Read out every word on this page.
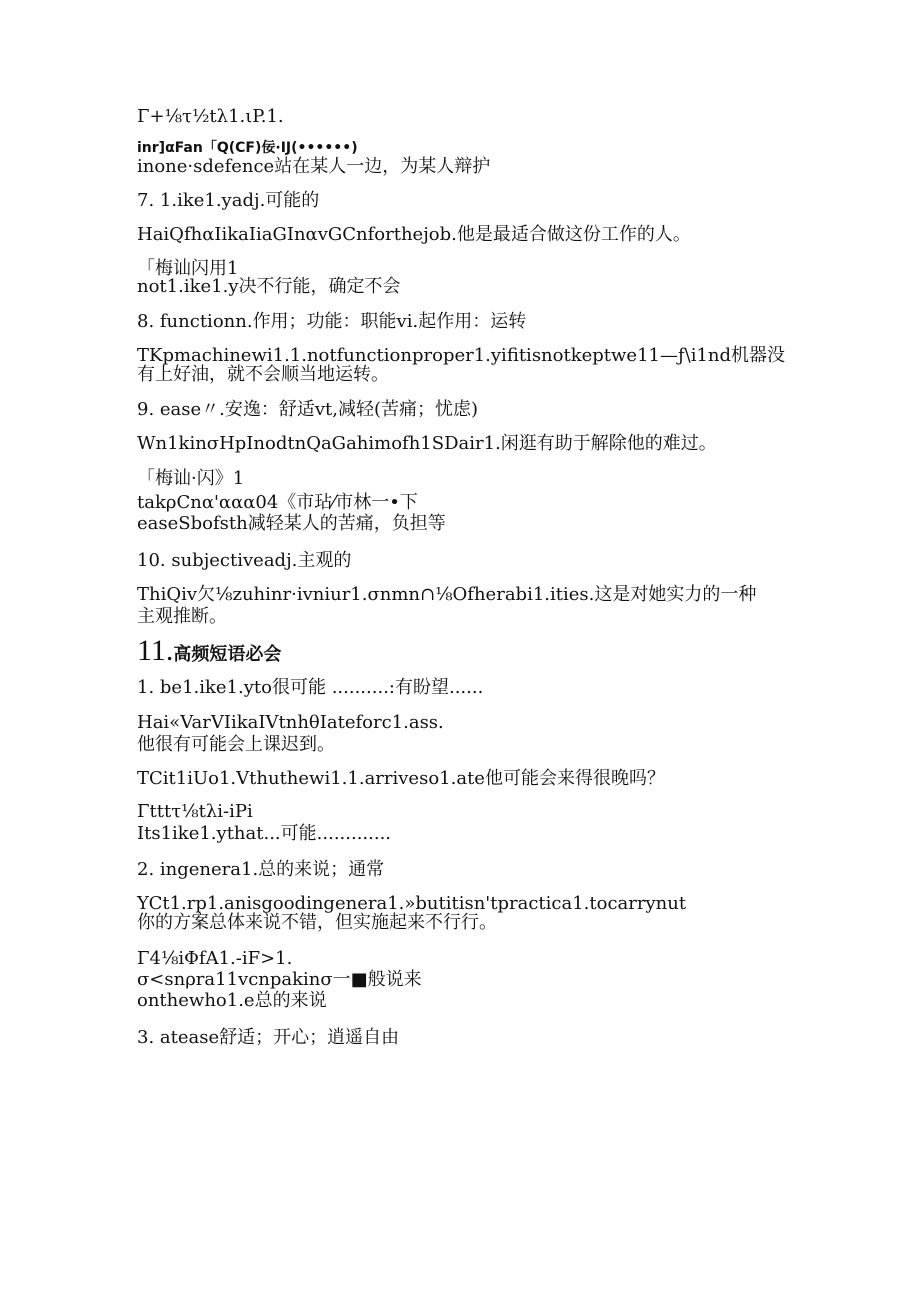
Γ+⅛τ½tλ1.ιP.1.
inr]αFan「Q(CF)佞·IJ(••••••)
inone·sdefence站在某人一边，为某人辩护
7. 1.ike1.yadj.可能的
HaiQfhαIikaIiaGInαvGCnforthejob.他是最适合做这份工作的人。
「梅讪闪用1
not1.ike1.y决不行能，确定不会
8. functionn.作用；功能：职能vi.起作用：运转
TKpmachinewi1.1.notfunctionproper1.yifitisnotkeptwe11—ƒ\i1nd机器没
有上好油，就不会顺当地运转。
9. ease〃.安逸：舒适vt,减轻(苦痛；忧虑)
Wn1kinσHpInodtnQaGahimofh1SDair1.闲逛有助于解除他的难过。
「梅讪·闪》1
takρCnα'ααα04《市玷⁄市林一•下
easeSbofsth减轻某人的苦痛，负担等
10. subjectiveadj.主观的
ThiQiv欠⅛zuhinr·ivniur1.σnmn∩⅛Ofherabi1.ities.这是对她实力的一种
主观推断。
11.高频短语必会
1. be1.ike1.yto很可能 ..........:有盼望......
Hai«VarVIikaIVtnhθIateforc1.ass.
他很有可能会上课迟到。
TCit1iUo1.Vthuthewi1.1.arriveso1.ate他可能会来得很晚吗？
Γtttτ⅛tλi-iPi
Its1ike1.ythat...可能.............
2. ingenera1.总的来说；通常
YCt1.rp1.anisgoodingenera1.»butitisn'tpractica1.tocarrynut
你的方案总体来说不错，但实施起来不行行。
Γ4⅛iΦfA1.-iF>1.
σ<snρra11vcnpakinσ一■般说来
onthewho1.e总的来说
3. atease舒适；开心；逍遥自由
